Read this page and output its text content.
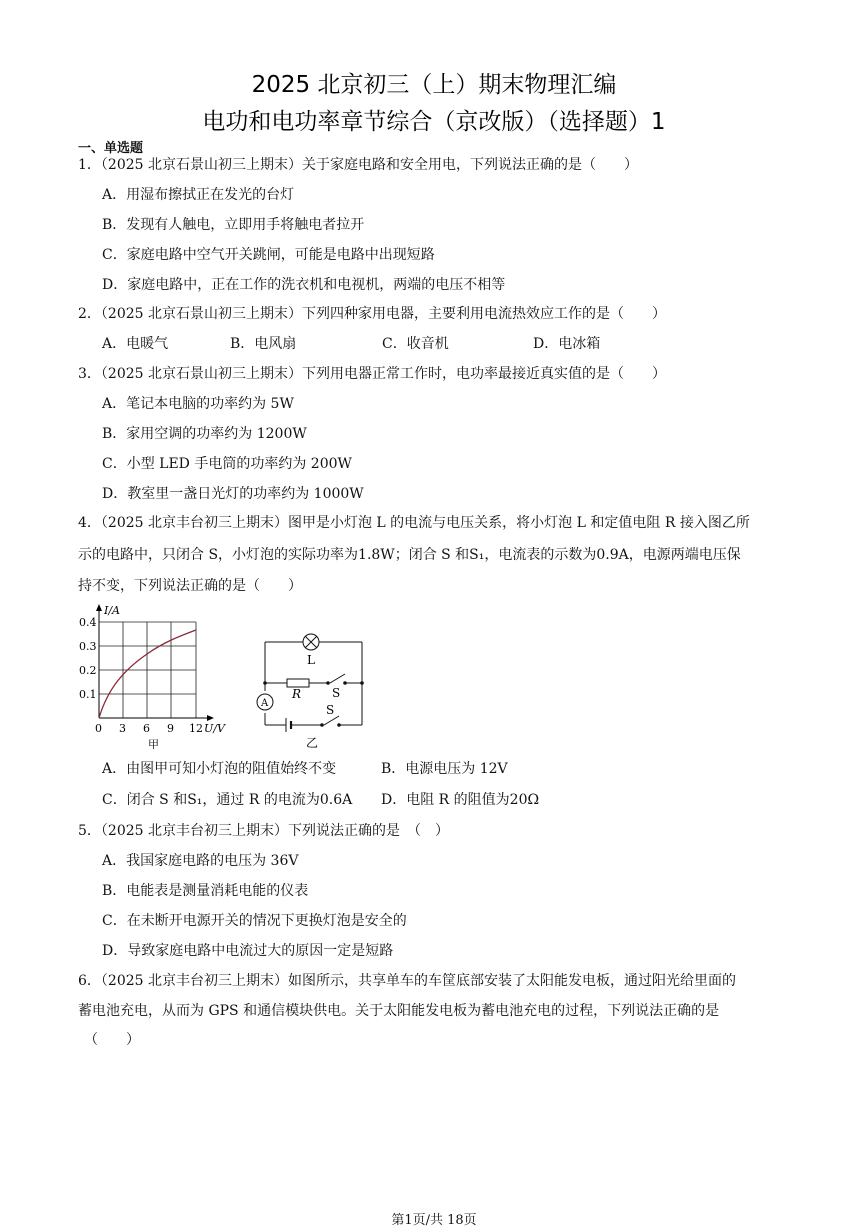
2025 北京初三（上）期末物理汇编
电功和电功率章节综合（京改版）（选择题）1
一、单选题
1．（2025 北京石景山初三上期末）关于家庭电路和安全用电，下列说法正确的是（　　）
A．用湿布擦拭正在发光的台灯
B．发现有人触电，立即用手将触电者拉开
C．家庭电路中空气开关跳闸，可能是电路中出现短路
D．家庭电路中，正在工作的洗衣机和电视机，两端的电压不相等
2．（2025 北京石景山初三上期末）下列四种家用电器，主要利用电流热效应工作的是（　　）
A．电暖气	B．电风扇	C．收音机	D．电冰箱
3．（2025 北京石景山初三上期末）下列用电器正常工作时，电功率最接近真实值的是（　　）
A．笔记本电脑的功率约为 5W
B．家用空调的功率约为 1200W
C．小型 LED 手电筒的功率约为 200W
D．教室里一盏日光灯的功率约为 1000W
4．（2025 北京丰台初三上期末）图甲是小灯泡 L 的电流与电压关系，将小灯泡 L 和定值电阻 R 接入图乙所
示的电路中，只闭合 S，小灯泡的实际功率为1.8W；闭合 S 和S₁，电流表的示数为0.9A，电源两端电压保
持不变，下列说法正确的是（　　）
I/A
0.4
0.3
0.2
0.1
0 3 6 9 12 U/V
甲
L
R	S
A	S
乙
A．由图甲可知小灯泡的阻值始终不变	B．电源电压为 12V
C．闭合 S 和S₁，通过 R 的电流为0.6A D．电阻 R 的阻值为20Ω
5．（2025 北京丰台初三上期末）下列说法正确的是　（　）
A．我国家庭电路的电压为 36V
B．电能表是测量消耗电能的仪表
C．在未断开电源开关的情况下更换灯泡是安全的
D．导致家庭电路中电流过大的原因一定是短路
6．（2025 北京丰台初三上期末）如图所示，共享单车的车筐底部安装了太阳能发电板，通过阳光给里面的
蓄电池充电，从而为 GPS 和通信模块供电。关于太阳能发电板为蓄电池充电的过程，下列说法正确的是
（　　）
第1页/共 18页
